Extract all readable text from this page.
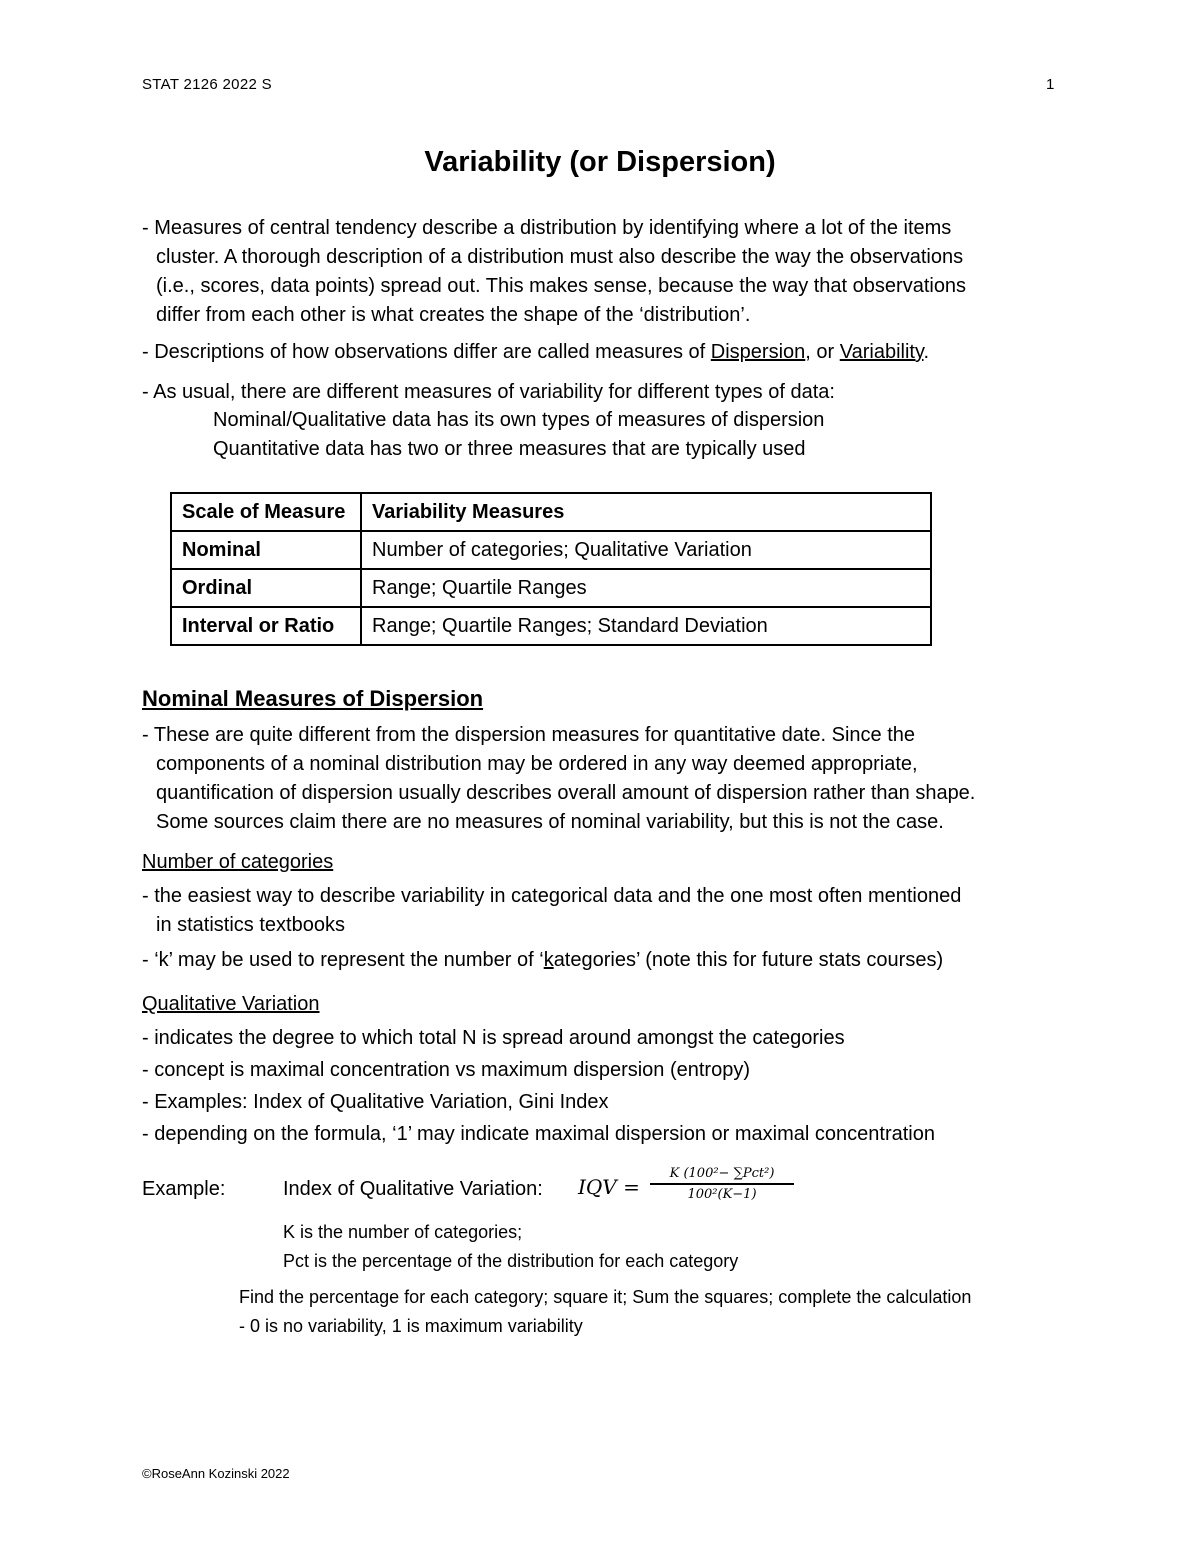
STAT 2126 2022 S	1
Variability (or Dispersion)
- Measures of central tendency describe a distribution by identifying where a lot of the items
cluster. A thorough description of a distribution must also describe the way the observations
(i.e., scores, data points) spread out. This makes sense, because the way that observations
differ from each other is what creates the shape of the ‘distribution’.
- Descriptions of how observations differ are called measures of Dispersion, or Variability.
- As usual, there are different measures of variability for different types of data:
Nominal/Qualitative data has its own types of measures of dispersion
Quantitative data has two or three measures that are typically used
Scale of Measure	Variability Measures
Nominal	Number of categories; Qualitative Variation
Ordinal	Range; Quartile Ranges
Interval or Ratio	Range; Quartile Ranges; Standard Deviation
Nominal Measures of Dispersion
- These are quite different from the dispersion measures for quantitative date. Since the
components of a nominal distribution may be ordered in any way deemed appropriate,
quantification of dispersion usually describes overall amount of dispersion rather than shape.
Some sources claim there are no measures of nominal variability, but this is not the case.
Number of categories
- the easiest way to describe variability in categorical data and the one most often mentioned
in statistics textbooks
- ‘k’ may be used to represent the number of ‘kategories’ (note this for future stats courses)
Qualitative Variation
- indicates the degree to which total N is spread around amongst the categories
- concept is maximal concentration vs maximum dispersion (entropy)
- Examples: Index of Qualitative Variation, Gini Index
- depending on the formula, ‘1’ may indicate maximal dispersion or maximal concentration
Example:	Index of Qualitative Variation: IQV =
K (100²− ∑Pct²)
100²(K−1)
K is the number of categories;
Pct is the percentage of the distribution for each category
Find the percentage for each category; square it; Sum the squares; complete the calculation
- 0 is no variability, 1 is maximum variability
©RoseAnn Kozinski 2022
